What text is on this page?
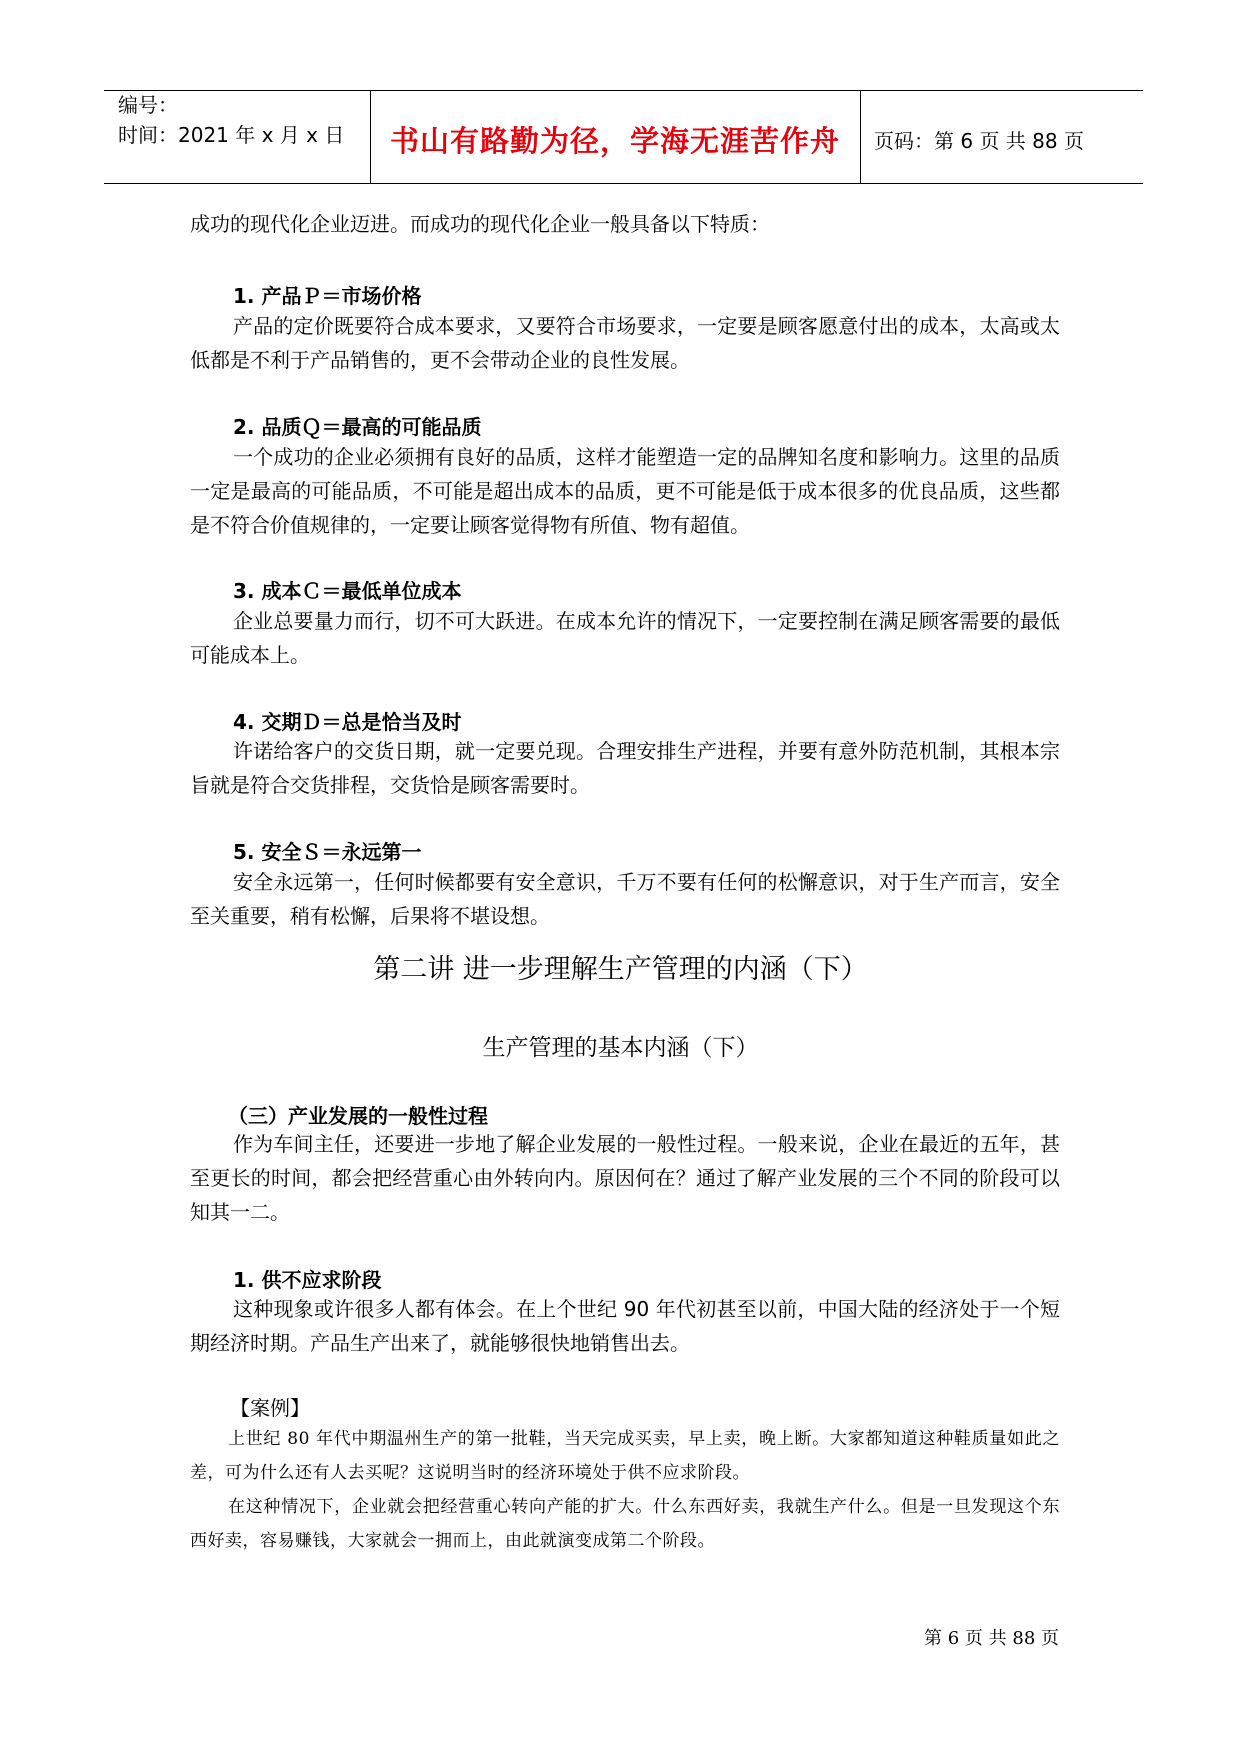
编号：
时间：2021 年 x 月 x 日	书山有路勤为径，学海无涯苦作舟	页码：第 6 页 共 88 页
成功的现代化企业迈进。而成功的现代化企业一般具备以下特质：
1. 产品Ｐ＝市场价格
产品的定价既要符合成本要求，又要符合市场要求，一定要是顾客愿意付出的成本，太高或太低都是不利于产品销售的，更不会带动企业的良性发展。
2. 品质Ｑ＝最高的可能品质
一个成功的企业必须拥有良好的品质，这样才能塑造一定的品牌知名度和影响力。这里的品质一定是最高的可能品质，不可能是超出成本的品质，更不可能是低于成本很多的优良品质，这些都是不符合价值规律的，一定要让顾客觉得物有所值、物有超值。
3. 成本Ｃ＝最低单位成本
企业总要量力而行，切不可大跃进。在成本允许的情况下，一定要控制在满足顾客需要的最低可能成本上。
4. 交期Ｄ＝总是恰当及时
许诺给客户的交货日期，就一定要兑现。合理安排生产进程，并要有意外防范机制，其根本宗旨就是符合交货排程，交货恰是顾客需要时。
5. 安全Ｓ＝永远第一
安全永远第一，任何时候都要有安全意识，千万不要有任何的松懈意识，对于生产而言，安全至关重要，稍有松懈，后果将不堪设想。
第二讲 进一步理解生产管理的内涵（下）
生产管理的基本内涵（下）
（三）产业发展的一般性过程
作为车间主任，还要进一步地了解企业发展的一般性过程。一般来说，企业在最近的五年，甚至更长的时间，都会把经营重心由外转向内。原因何在？通过了解产业发展的三个不同的阶段可以知其一二。
1. 供不应求阶段
这种现象或许很多人都有体会。在上个世纪 90 年代初甚至以前，中国大陆的经济处于一个短期经济时期。产品生产出来了，就能够很快地销售出去。
【案例】
上世纪 80 年代中期温州生产的第一批鞋，当天完成买卖，早上卖，晚上断。大家都知道这种鞋质量如此之差，可为什么还有人去买呢？这说明当时的经济环境处于供不应求阶段。
在这种情况下，企业就会把经营重心转向产能的扩大。什么东西好卖，我就生产什么。但是一旦发现这个东西好卖，容易赚钱，大家就会一拥而上，由此就演变成第二个阶段。
第 6 页 共 88 页
